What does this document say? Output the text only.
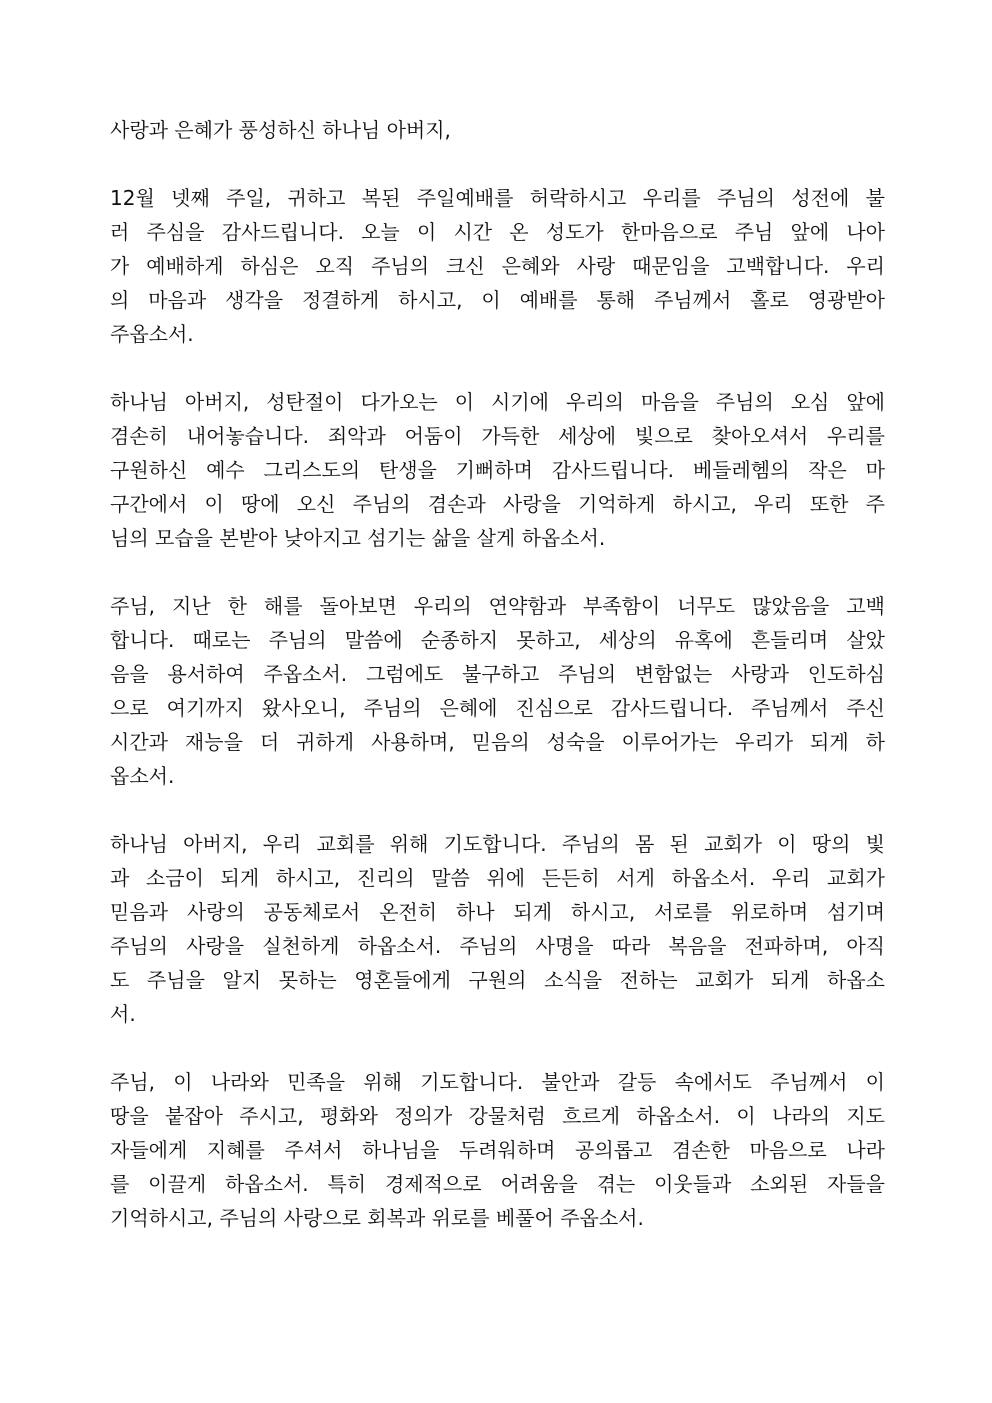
사랑과 은혜가 풍성하신 하나님 아버지,
12월 넷째 주일, 귀하고 복된 주일예배를 허락하시고 우리를 주님의 성전에 불
러 주심을 감사드립니다. 오늘 이 시간 온 성도가 한마음으로 주님 앞에 나아
가 예배하게 하심은 오직 주님의 크신 은혜와 사랑 때문임을 고백합니다. 우리
의 마음과 생각을 정결하게 하시고, 이 예배를 통해 주님께서 홀로 영광받아
주옵소서.
하나님 아버지, 성탄절이 다가오는 이 시기에 우리의 마음을 주님의 오심 앞에
겸손히 내어놓습니다. 죄악과 어둠이 가득한 세상에 빛으로 찾아오셔서 우리를
구원하신 예수 그리스도의 탄생을 기뻐하며 감사드립니다. 베들레헴의 작은 마
구간에서 이 땅에 오신 주님의 겸손과 사랑을 기억하게 하시고, 우리 또한 주
님의 모습을 본받아 낮아지고 섬기는 삶을 살게 하옵소서.
주님, 지난 한 해를 돌아보면 우리의 연약함과 부족함이 너무도 많았음을 고백
합니다. 때로는 주님의 말씀에 순종하지 못하고, 세상의 유혹에 흔들리며 살았
음을 용서하여 주옵소서. 그럼에도 불구하고 주님의 변함없는 사랑과 인도하심
으로 여기까지 왔사오니, 주님의 은혜에 진심으로 감사드립니다. 주님께서 주신
시간과 재능을 더 귀하게 사용하며, 믿음의 성숙을 이루어가는 우리가 되게 하
옵소서.
하나님 아버지, 우리 교회를 위해 기도합니다. 주님의 몸 된 교회가 이 땅의 빛
과 소금이 되게 하시고, 진리의 말씀 위에 든든히 서게 하옵소서. 우리 교회가
믿음과 사랑의 공동체로서 온전히 하나 되게 하시고, 서로를 위로하며 섬기며
주님의 사랑을 실천하게 하옵소서. 주님의 사명을 따라 복음을 전파하며, 아직
도 주님을 알지 못하는 영혼들에게 구원의 소식을 전하는 교회가 되게 하옵소
서.
주님, 이 나라와 민족을 위해 기도합니다. 불안과 갈등 속에서도 주님께서 이
땅을 붙잡아 주시고, 평화와 정의가 강물처럼 흐르게 하옵소서. 이 나라의 지도
자들에게 지혜를 주셔서 하나님을 두려워하며 공의롭고 겸손한 마음으로 나라
를 이끌게 하옵소서. 특히 경제적으로 어려움을 겪는 이웃들과 소외된 자들을
기억하시고, 주님의 사랑으로 회복과 위로를 베풀어 주옵소서.
